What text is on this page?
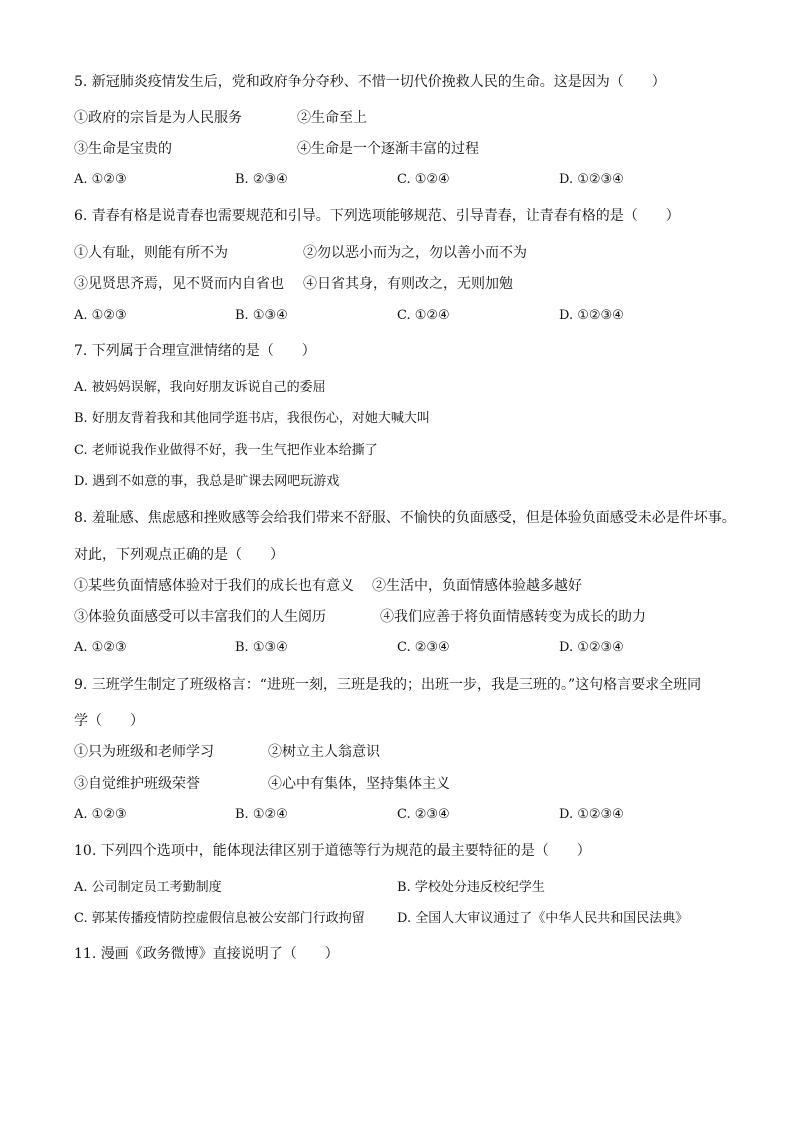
5. 新冠肺炎疫情发生后，党和政府争分夺秒、不惜一切代价挽救人民的生命。这是因为（　　）
①政府的宗旨是为人民服务	②生命至上
③生命是宝贵的	④生命是一个逐渐丰富的过程
A. ①②③	B. ②③④	C. ①②④	D. ①②③④
6. 青春有格是说青春也需要规范和引导。下列选项能够规范、引导青春，让青春有格的是（　　）
①人有耻，则能有所不为	②勿以恶小而为之，勿以善小而不为
③见贤思齐焉，见不贤而内自省也 ④日省其身，有则改之，无则加勉
A. ①②③	B. ①③④	C. ①②④	D. ①②③④
7. 下列属于合理宣泄情绪的是（　　）
A. 被妈妈误解，我向好朋友诉说自己的委屈
B. 好朋友背着我和其他同学逛书店，我很伤心，对她大喊大叫
C. 老师说我作业做得不好，我一生气把作业本给撕了
D. 遇到不如意的事，我总是旷课去网吧玩游戏
8. 羞耻感、焦虑感和挫败感等会给我们带来不舒服、不愉快的负面感受，但是体验负面感受未必是件坏事。
对此，下列观点正确的是（　　）
①某些负面情感体验对于我们的成长也有意义 ②生活中，负面情感体验越多越好
③体验负面感受可以丰富我们的人生阅历	④我们应善于将负面情感转变为成长的助力
A. ①②③	B. ①③④	C. ②③④	D. ①②③④
9. 三班学生制定了班级格言：“进班一刻，三班是我的；出班一步，我是三班的。”这句格言要求全班同
学（　　）
①只为班级和老师学习	②树立主人翁意识
③自觉维护班级荣誉	④心中有集体，坚持集体主义
A. ①②③	B. ①②④	C. ②③④	D. ①②③④
10. 下列四个选项中，能体现法律区别于道德等行为规范的最主要特征的是（　　）
A. 公司制定员工考勤制度	B. 学校处分违反校纪学生
C. 郭某传播疫情防控虚假信息被公安部门行政拘留 D. 全国人大审议通过了《中华人民共和国民法典》
11. 漫画《政务微博》直接说明了（　　）
